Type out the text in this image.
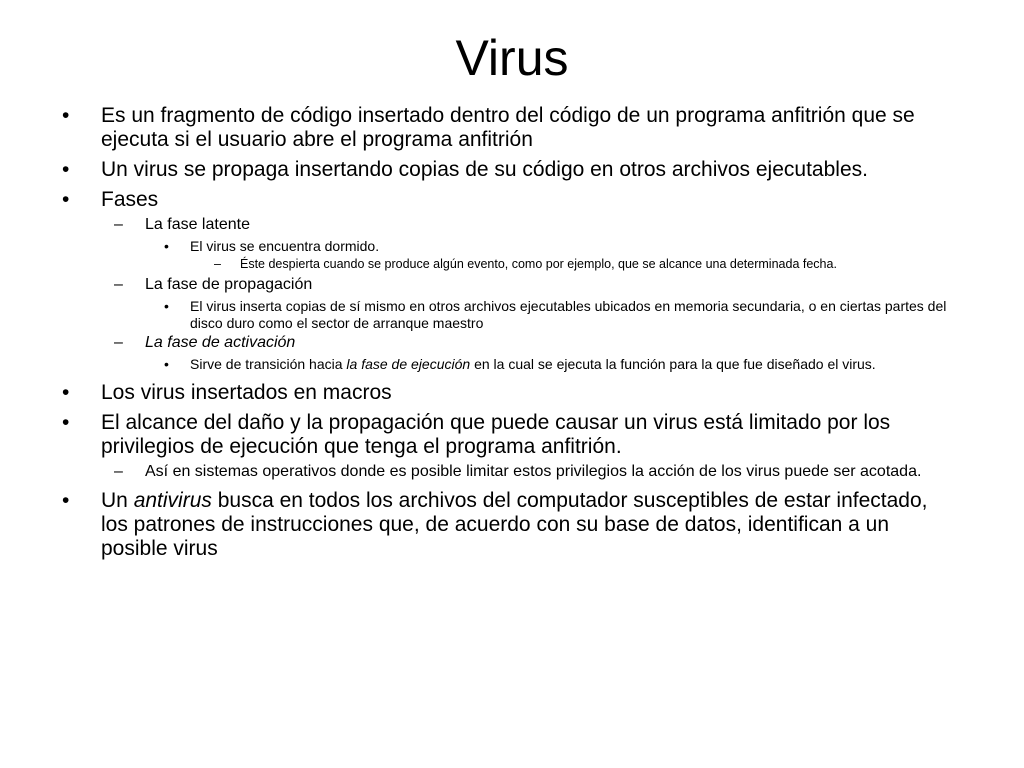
Virus
• Es un fragmento de código insertado dentro del código de un programa anfitrión que se ejecuta si el usuario abre el programa anfitrión
• Un virus se propaga insertando copias de su código en otros archivos ejecutables.
• Fases
– La fase latente
• El virus se encuentra dormido.
– Éste despierta cuando se produce algún evento, como por ejemplo, que se alcance una determinada fecha.
– La fase de propagación
• El virus inserta copias de sí mismo en otros archivos ejecutables ubicados en memoria secundaria, o en ciertas partes del disco duro como el sector de arranque maestro
– La fase de activación
• Sirve de transición hacia la fase de ejecución en la cual se ejecuta la función para la que fue diseñado el virus.
• Los virus insertados en macros
• El alcance del daño y la propagación que puede causar un virus está limitado por los privilegios de ejecución que tenga el programa anfitrión.
– Así en sistemas operativos donde es posible limitar estos privilegios la acción de los virus puede ser acotada.
• Un antivirus busca en todos los archivos del computador susceptibles de estar infectado, los patrones de instrucciones que, de acuerdo con su base de datos, identifican a un posible virus
